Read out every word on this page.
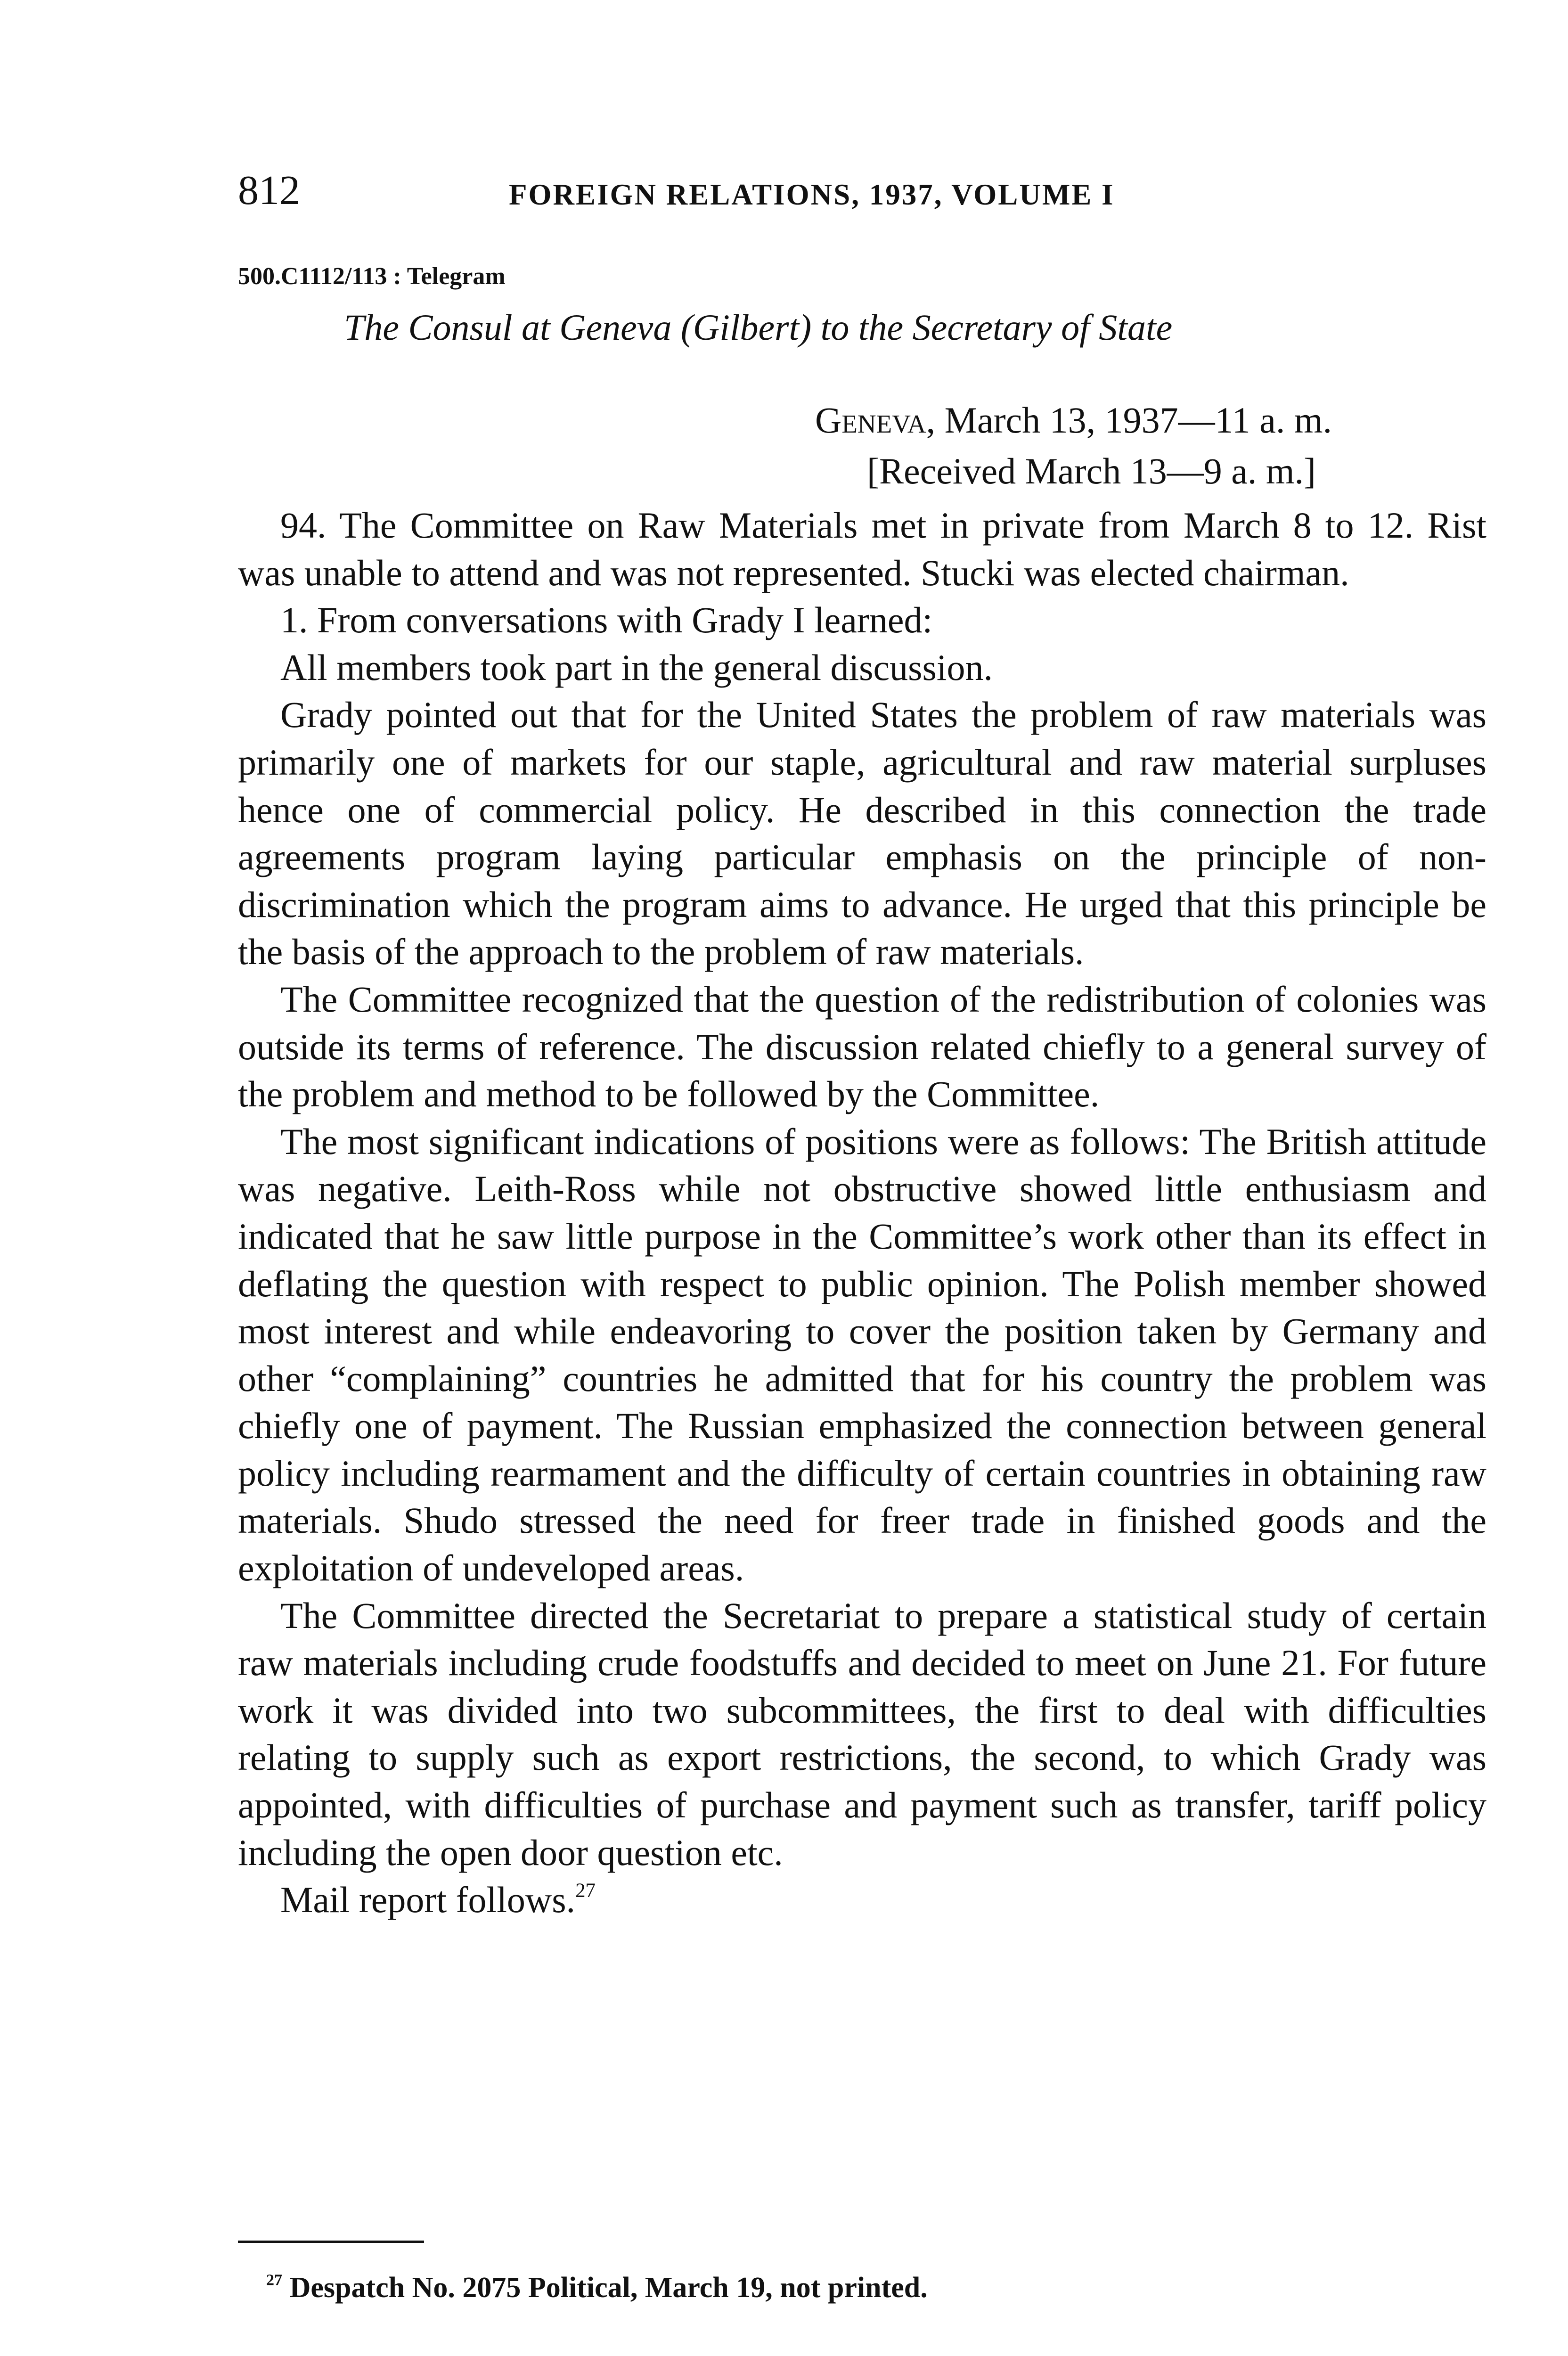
812	FOREIGN RELATIONS, 1937, VOLUME I
500.C1112/113 : Telegram
The Consul at Geneva (Gilbert) to the Secretary of State
Geneva, March 13, 1937—11 a. m.
[Received March 13—9 a. m.]

94. The Committee on Raw Materials met in private from March 8 to 12. Rist was unable to attend and was not represented. Stucki was elected chairman.

1. From conversations with Grady I learned:

All members took part in the general discussion.

Grady pointed out that for the United States the problem of raw materials was primarily one of markets for our staple, agricultural and raw material surpluses hence one of commercial policy. He described in this connection the trade agreements program laying particular emphasis on the principle of non-discrimination which the program aims to advance. He urged that this principle be the basis of the approach to the problem of raw materials.

The Committee recognized that the question of the redistribution of colonies was outside its terms of reference. The discussion related chiefly to a general survey of the problem and method to be followed by the Committee.

The most significant indications of positions were as follows: The British attitude was negative. Leith-Ross while not obstructive showed little enthusiasm and indicated that he saw little purpose in the Committee’s work other than its effect in deflating the question with respect to public opinion. The Polish member showed most interest and while endeavoring to cover the position taken by Germany and other “complaining” countries he admitted that for his country the problem was chiefly one of payment. The Russian emphasized the connection between general policy including rearmament and the difficulty of certain countries in obtaining raw materials. Shudo stressed the need for freer trade in finished goods and the exploitation of undeveloped areas.

The Committee directed the Secretariat to prepare a statistical study of certain raw materials including crude foodstuffs and decided to meet on June 21. For future work it was divided into two subcommittees, the first to deal with difficulties relating to supply such as export restrictions, the second, to which Grady was appointed, with difficulties of purchase and payment such as transfer, tariff policy including the open door question etc.

Mail report follows.$^{27}$

$^{27}$ Despatch No. 2075 Political, March 19, not printed.
